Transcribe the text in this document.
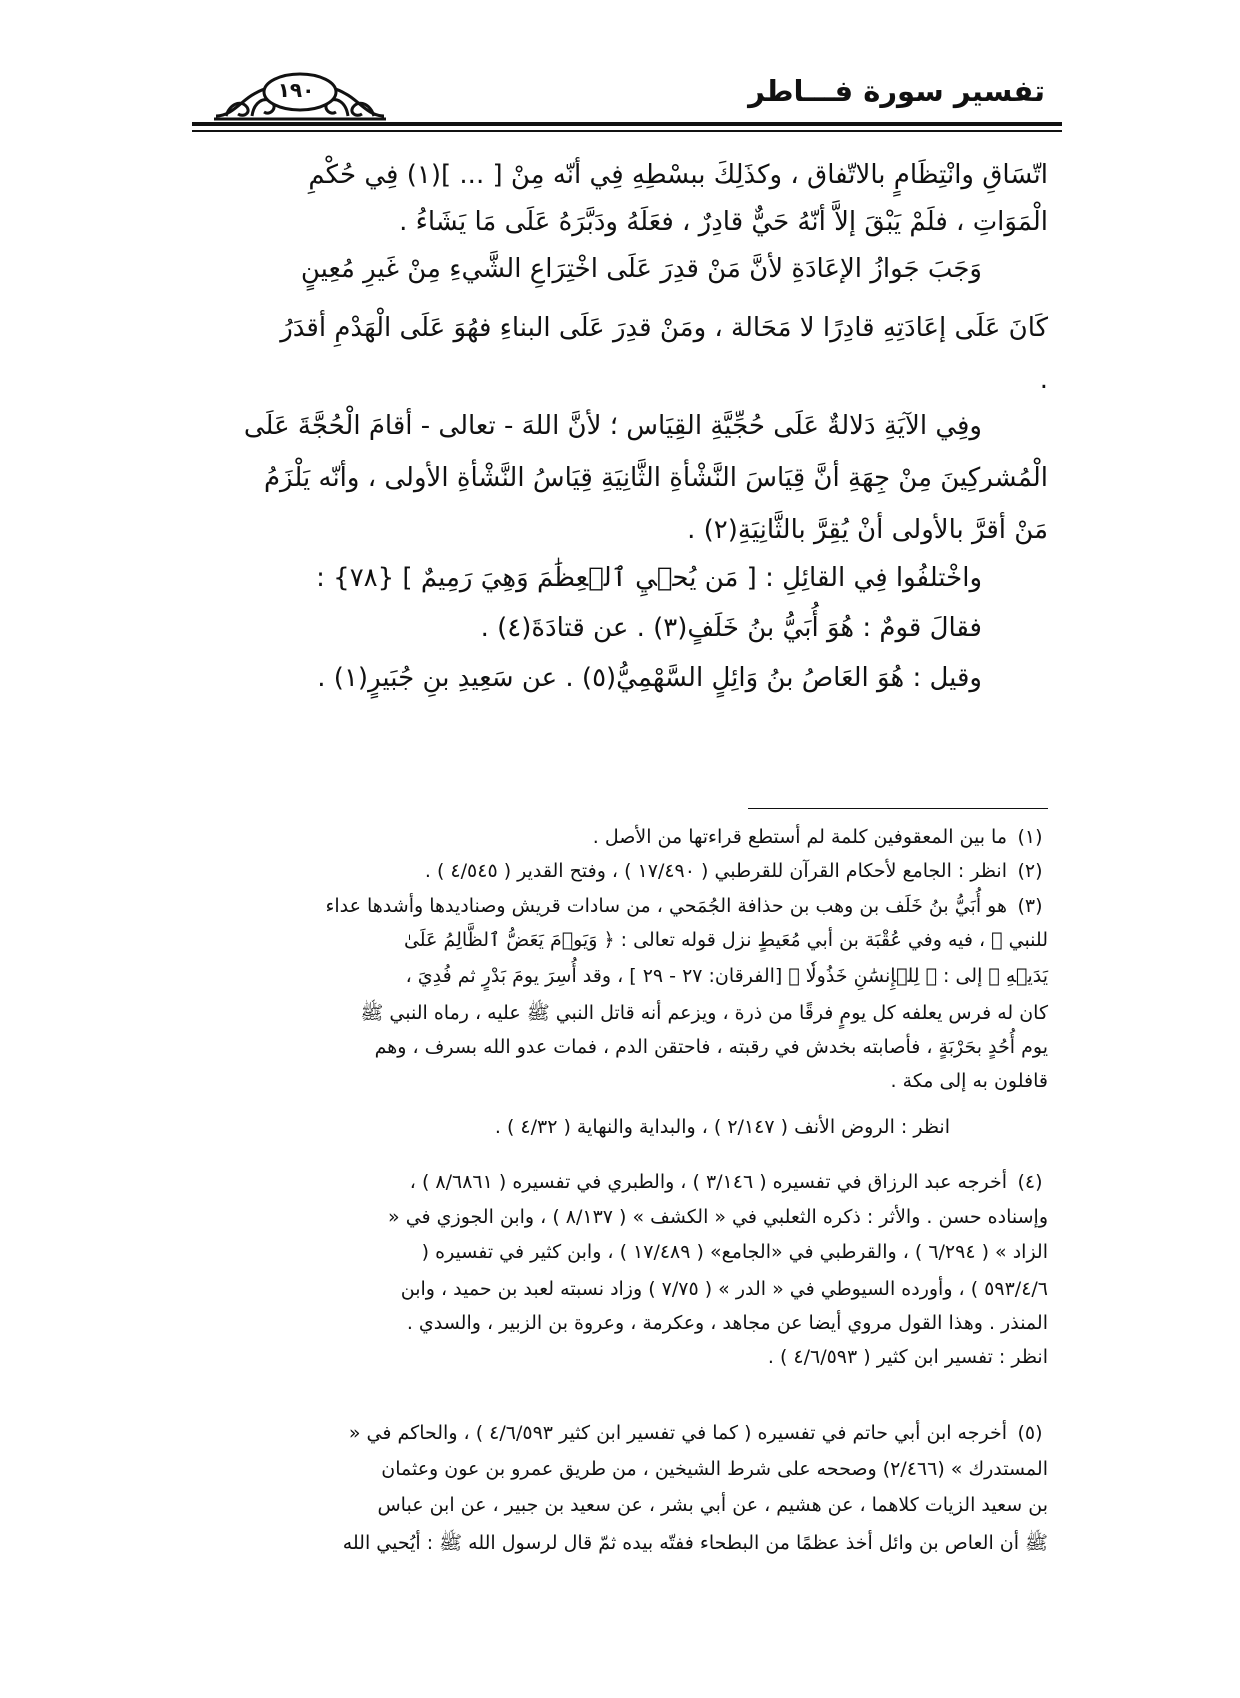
تفسير سورة فـــاطر
١٩٠
اتّسَاقِ وانْتِظَامٍ بالاتّفاق ، وكذَلِكَ ببسْطِهِ فِي أنّه مِنْ [ ... ](١) فِي حُكْمِ
الْمَوَاتِ ، فلَمْ يَبْقَ إلاَّ أنّهُ حَيٌّ قادِرٌ ، فعَلَهُ ودَبَّرَهُ عَلَى مَا يَشَاءُ .
وَجَبَ جَوازُ الإعَادَةِ لأنَّ مَنْ قدِرَ عَلَى اخْتِرَاعِ الشَّيءِ مِنْ غَيرِ مُعِينٍ
كَانَ عَلَى إعَادَتِهِ قادِرًا لا مَحَالة ، ومَنْ قدِرَ عَلَى البناءِ فهُوَ عَلَى الْهَدْمِ أقدَرُ
.
وفِي الآيَةِ دَلالةٌ عَلَى حُجِّيَّةِ القِيَاس ؛ لأنَّ اللهَ - تعالى - أقامَ الْحُجَّةَ عَلَى
الْمُشركِينَ مِنْ جِهَةِ أنَّ قِيَاسَ النَّشْأةِ الثَّانِيَةِ قِيَاسُ النَّشْأةِ الأولى ، وأنّه يَلْزَمُ
مَنْ أقرَّ بالأولى أنْ يُقِرَّ بالثَّانِيَةِ(٢) .
واخْتلفُوا فِي القائِلِ : [ مَن يُحۡيِ ٱلۡعِظَٰمَ وَهِيَ رَمِيمٌ ] {٧٨} :
فقالَ قومٌ : هُوَ أُبَيُّ بنُ خَلَفٍ(٣) . عن قتادَةَ(٤) .
وقيل : هُوَ العَاصُ بنُ وَائِلٍ السَّهْمِيُّ(٥) . عن سَعِيدِ بنِ جُبَيرٍ(١) .
(١)
(٢)
(٣)
(٤)
(٥)
ما بين المعقوفين كلمة لم أستطع قراءتها من الأصل .
انظر : الجامع لأحكام القرآن للقرطبي ( ١٧/٤٩٠ ) ، وفتح القدير ( ٤/٥٤٥ ) .
هو أُبَيُّ بنُ خَلَف بن وهب بن حذافة الجُمَحي ، من سادات قريش وصناديدها وأشدها عداء
للنبي ﷺ ، فيه وفي عُقْبَة بن أبي مُعَيطٍ نزل قوله تعالى : ﴿ وَيَوۡمَ يَعَضُّ ٱلظَّالِمُ عَلَىٰ
يَدَيۡهِ ﴾ إلى : ﴿ لِلۡإِنسَٰنِ خَذُولٗا ﴾ [الفرقان: ٢٧ - ٢٩ ] ، وقد أُسِرَ يومَ بَدْرٍ ثم فُدِيَ ،
كان له فرس يعلفه كل يومٍ فرقًا من ذرة ، ويزعم أنه قاتل النبي ﷺ عليه ، رماه النبي ﷺ
يوم أُحُدٍ بحَرْبَةٍ ، فأصابته بخدش في رقبته ، فاحتقن الدم ، فمات عدو الله بسرف ، وهم
قافلون به إلى مكة .
انظر : الروض الأنف ( ٢/١٤٧ ) ، والبداية والنهاية ( ٤/٣٢ ) .
أخرجه عبد الرزاق في تفسيره ( ٣/١٤٦ ) ، والطبري في تفسيره ( ٨/٦٨٦١ ) ،
وإسناده حسن . والأثر : ذكره الثعلبي في « الكشف » ( ٨/١٣٧ ) ، وابن الجوزي في «
الزاد » ( ٦/٢٩٤ ) ، والقرطبي في «الجامع» ( ١٧/٤٨٩ ) ، وابن كثير في تفسيره (
٥٩٣/٤/٦ ) ، وأورده السيوطي في « الدر » ( ٧/٧٥ ) وزاد نسبته لعبد بن حميد ، وابن
المنذر . وهذا القول مروي أيضا عن مجاهد ، وعكرمة ، وعروة بن الزبير ، والسدي .
انظر : تفسير ابن كثير ( ٤/٦/٥٩٣ ) .
أخرجه ابن أبي حاتم في تفسيره ( كما في تفسير ابن كثير ٤/٦/٥٩٣ ) ، والحاكم في «
المستدرك » (٢/٤٦٦) وصححه على شرط الشيخين ، من طريق عمرو بن عون وعثمان
بن سعيد الزيات كلاهما ، عن هشيم ، عن أبي بشر ، عن سعيد بن جبير ، عن ابن عباس
ﷺ أن العاص بن وائل أخذ عظمًا من البطحاء ففتّه بيده ثمّ قال لرسول الله ﷺ : أيُحيي الله
